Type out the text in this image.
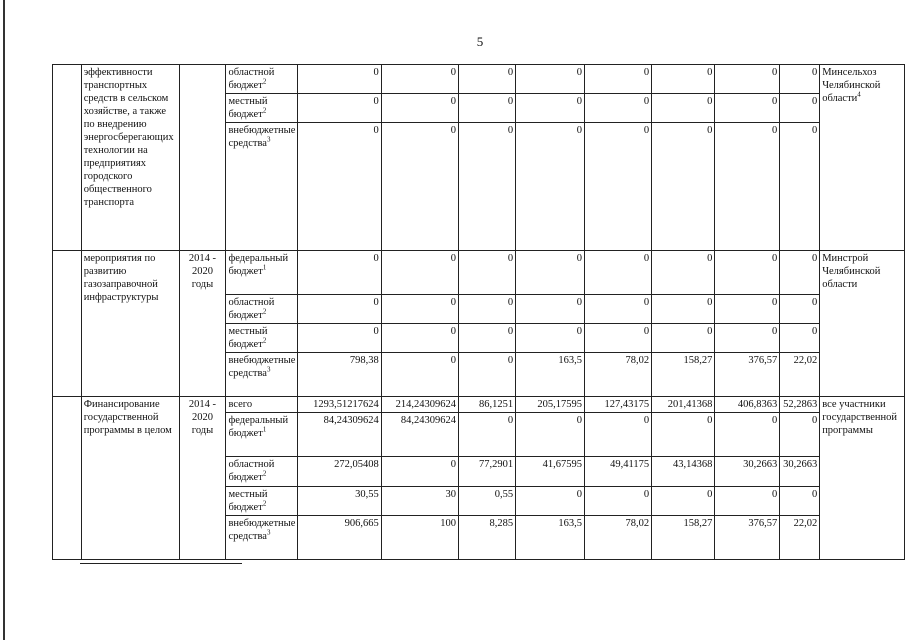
5
	эффективности транспортных средств в сельском хозяйстве, а также по внедрению энергосберегающих технологии на предприятиях городского общественного транспорта		областной бюджет$^2$	0	0	0	0	0	0	0	0	Минсельхоз Челябинской области$^4$
			местный бюджет$^2$	0	0	0	0	0	0	0	0	
			внебюджетные средства$^3$	0	0	0	0	0	0	0	0	
	мероприятия по развитию газозаправочной инфраструктуры	2014 - 2020 годы	федеральный бюджет$^1$	0	0	0	0	0	0	0	0	Минстрой Челябинской области
			областной бюджет$^2$	0	0	0	0	0	0	0	0	
			местный бюджет$^2$	0	0	0	0	0	0	0	0	
			внебюджетные средства$^3$	798,38	0	0	163,5	78,02	158,27	376,57	22,02	
	Финансирование государственной программы в целом	2014 - 2020 годы	всего	1293,51217624	214,24309624	86,1251	205,17595	127,43175	201,41368	406,8363	52,2863	все участники государственной программы
			федеральный бюджет$^1$	84,24309624	84,24309624	0	0	0	0	0	0	
			областной бюджет$^2$	272,05408	0	77,2901	41,67595	49,41175	43,14368	30,2663	30,2663	
			местный бюджет$^2$	30,55	30	0,55	0	0	0	0	0	
			внебюджетные средства$^3$	906,665	100	8,285	163,5	78,02	158,27	376,57	22,02	
